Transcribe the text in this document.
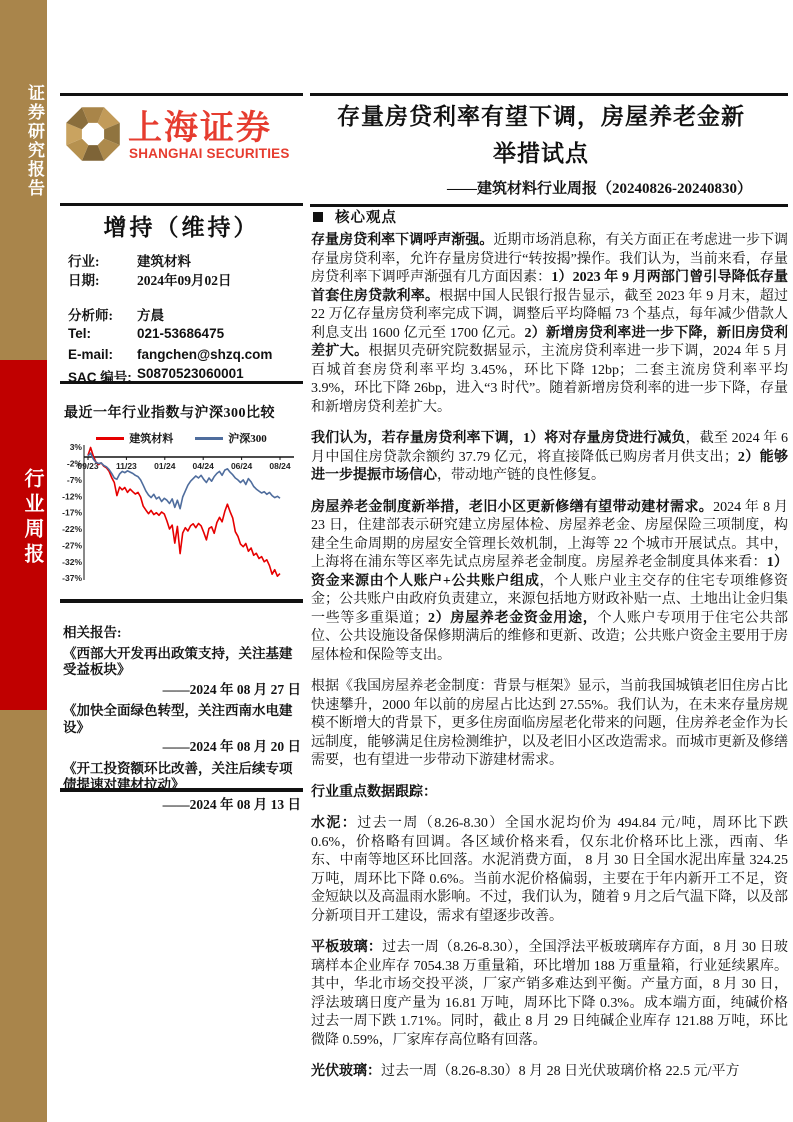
证券研究报告
行业周报
上海证券
SHANGHAI SECURITIES
增持（维持）
行业:	建筑材料
日期:	2024年09月02日
分析师: 方晨
Tel:	021-53686475
E-mail: fangchen@shzq.com
SAC 编号: S0870523060001
最近一年行业指数与沪深300比较
建筑材料	沪深300
3%
-2%
-7%
-12%
-17%
-22%
-27%
-32%
-37%
09/23 11/23 01/24 04/24 06/24 08/24
相关报告:
《西部大开发再出政策支持，关注基建受益板块》
——2024 年 08 月 27 日
《加快全面绿色转型，关注西南水电建设》
——2024 年 08 月 20 日
《开工投资额环比改善，关注后续专项债提速对建材拉动》
——2024 年 08 月 13 日
存量房贷利率有望下调，房屋养老金新
举措试点
——建筑材料行业周报（20240826-20240830）
核心观点

存量房贷利率下调呼声渐强。近期市场消息称，有关方面正在考虑进一步下调存量房贷利率，允许存量房贷进行“转按揭”操作。我们认为，当前来看，存量房贷利率下调呼声渐强有几方面因素：1）2023 年 9 月两部门曾引导降低存量首套住房贷款利率。根据中国人民银行报告显示，截至 2023 年 9 月末，超过 22 万亿存量房贷利率完成下调，调整后平均降幅 73 个基点，每年减少借款人利息支出 1600 亿元至 1700 亿元。2）新增房贷利率进一步下降，新旧房贷利差扩大。根据贝壳研究院数据显示，主流房贷利率进一步下调，2024 年 5 月百城首套房贷利率平均 3.45%，环比下降 12bp；二套主流房贷利率平均 3.9%，环比下降 26bp，进入“3 时代”。随着新增房贷利率的进一步下降，存量和新增房贷利差扩大。

我们认为，若存量房贷利率下调，1）将对存量房贷进行减负，截至 2024 年 6 月中国住房贷款余额约 37.79 亿元，将直接降低已购房者月供支出；2）能够进一步提振市场信心，带动地产链的良性修复。

房屋养老金制度新举措，老旧小区更新修缮有望带动建材需求。2024 年 8 月 23 日，住建部表示研究建立房屋体检、房屋养老金、房屋保险三项制度，构建全生命周期的房屋安全管理长效机制，上海等 22 个城市开展试点。其中，上海将在浦东等区率先试点房屋养老金制度。房屋养老金制度具体来看：1）资金来源由个人账户+公共账户组成，个人账户业主交存的住宅专项维修资金；公共账户由政府负责建立，来源包括地方财政补贴一点、土地出让金归集一些等多重渠道；2）房屋养老金资金用途，个人账户专项用于住宅公共部位、公共设施设备保修期满后的维修和更新、改造；公共账户资金主要用于房屋体检和保险等支出。

根据《我国房屋养老金制度：背景与框架》显示，当前我国城镇老旧住房占比快速攀升，2000 年以前的房屋占比达到 27.55%。我们认为，在未来存量房规模不断增大的背景下，更多住房面临房屋老化带来的问题，住房养老金作为长远制度，能够满足住房检测维护，以及老旧小区改造需求。而城市更新及修缮需要，也有望进一步带动下游建材需求。

行业重点数据跟踪：

水泥：过去一周（8.26-8.30）全国水泥均价为 494.84 元/吨，周环比下跌 0.6%，价格略有回调。各区域价格来看，仅东北价格环比上涨，西南、华东、中南等地区环比回落。水泥消费方面， 8 月 30 日全国水泥出库量 324.25 万吨，周环比下降 0.6%。当前水泥价格偏弱，主要在于年内新开工不足，资金短缺以及高温雨水影响。不过，我们认为，随着 9 月之后气温下降，以及部分新项目开工建设，需求有望逐步改善。

平板玻璃：过去一周（8.26-8.30），全国浮法平板玻璃库存方面，8 月 30 日玻璃样本企业库存 7054.38 万重量箱，环比增加 188 万重量箱，行业延续累库。其中，华北市场交投平淡，厂家产销多难达到平衡。产量方面，8 月 30 日，浮法玻璃日度产量为 16.81 万吨，周环比下降 0.3%。成本端方面，纯碱价格过去一周下跌 1.71%。同时，截止 8 月 29 日纯碱企业库存 121.88 万吨，环比微降 0.59%，厂家库存高位略有回落。

光伏玻璃：过去一周（8.26-8.30）8 月 28 日光伏玻璃价格 22.5 元/平方
